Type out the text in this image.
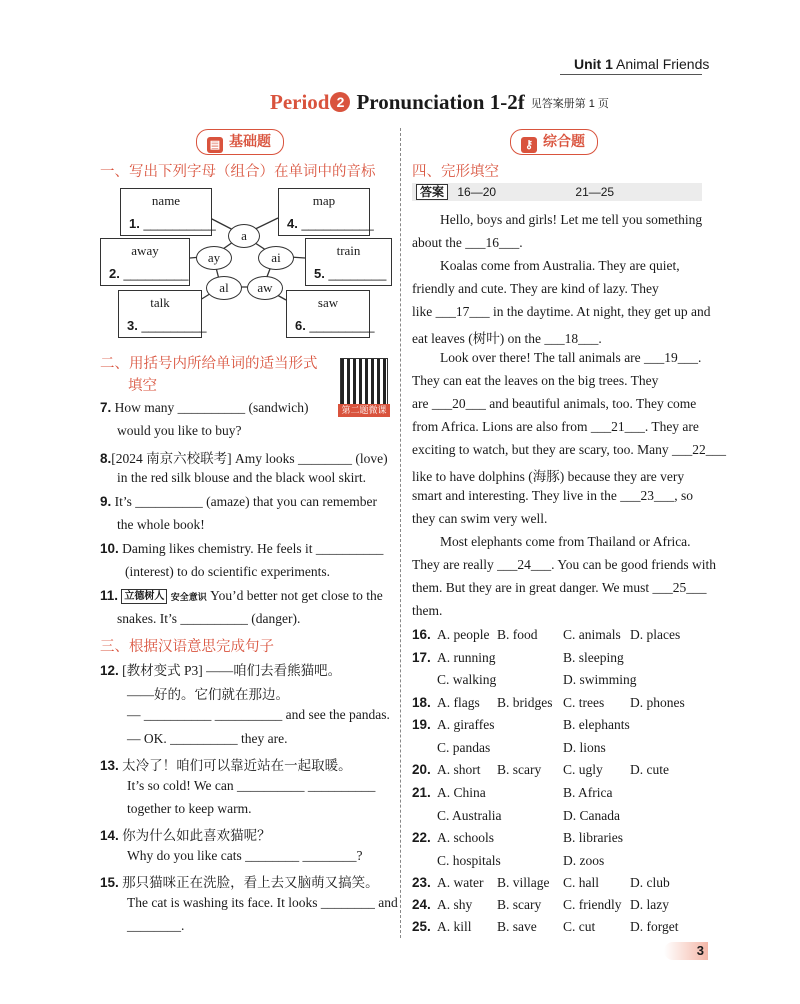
Unit 1 Animal Friends
Period 2 Pronunciation 1-2f 见答案册第 1 页
▤ 基础题	⚷ 综合题
一、写出下列字母（组合）在单词中的音标
name
1. __________
map
4. __________
away
2. _________
train
5. ________
talk
3. _________
saw
6. _________
a
ay	ai
al	aw
二、用括号内所给单词的适当形式
填空
第二题微课
7. How many __________ (sandwich)
would you like to buy?
8.[2024 南京六校联考] Amy looks ________ (love)
in the red silk blouse and the black wool skirt.
9. It’s __________ (amaze) that you can remember
the whole book!
10. Daming likes chemistry. He feels it __________
(interest) to do scientific experiments.
11. 立德树人 安全意识 You’d better not get close to the
snakes. It’s __________ (danger).
三、根据汉语意思完成句子
12. [教材变式 P3] ——咱们去看熊猫吧。
——好的。它们就在那边。
— __________ __________ and see the pandas.
— OK. __________ they are.
13. 太冷了！咱们可以靠近站在一起取暖。
It’s so cold! We can __________ __________
together to keep warm.
14. 你为什么如此喜欢猫呢？
Why do you like cats ________ ________?
15. 那只猫咪正在洗脸，看上去又脑萌又搞笑。
The cat is washing its face. It looks ________ and
________.
四、完形填空
答案 16—20	21—25
Hello, boys and girls! Let me tell you something
about the ___16___.
Koalas come from Australia. They are quiet,
friendly and cute. They are kind of lazy. They
like ___17___ in the daytime. At night, they get up and
eat leaves (树叶) on the ___18___.
Look over there! The tall animals are ___19___.
They can eat the leaves on the big trees. They
are ___20___ and beautiful animals, too. They come
from Africa. Lions are also from ___21___. They are
exciting to watch, but they are scary, too. Many ___22___
like to have dolphins (海豚) because they are very
smart and interesting. They live in the ___23___, so
they can swim very well.
Most elephants come from Thailand or Africa.
They are really ___24___. You can be good friends with
them. But they are in great danger. We must ___25___
them.
16. A. people B. food C. animals D. places
17. A. running	B. sleeping
C. walking	D. swimming
18. A. flags B. bridges C. trees D. phones
19. A. giraffes	B. elephants
C. pandas	D. lions
20. A. short B. scary C. ugly D. cute
21. A. China	B. Africa
C. Australia	D. Canada
22. A. schools	B. libraries
C. hospitals	D. zoos
23. A. water B. village C. hall D. club
24. A. shy B. scary C. friendly D. lazy
25. A. kill B. save C. cut	D. forget
3
